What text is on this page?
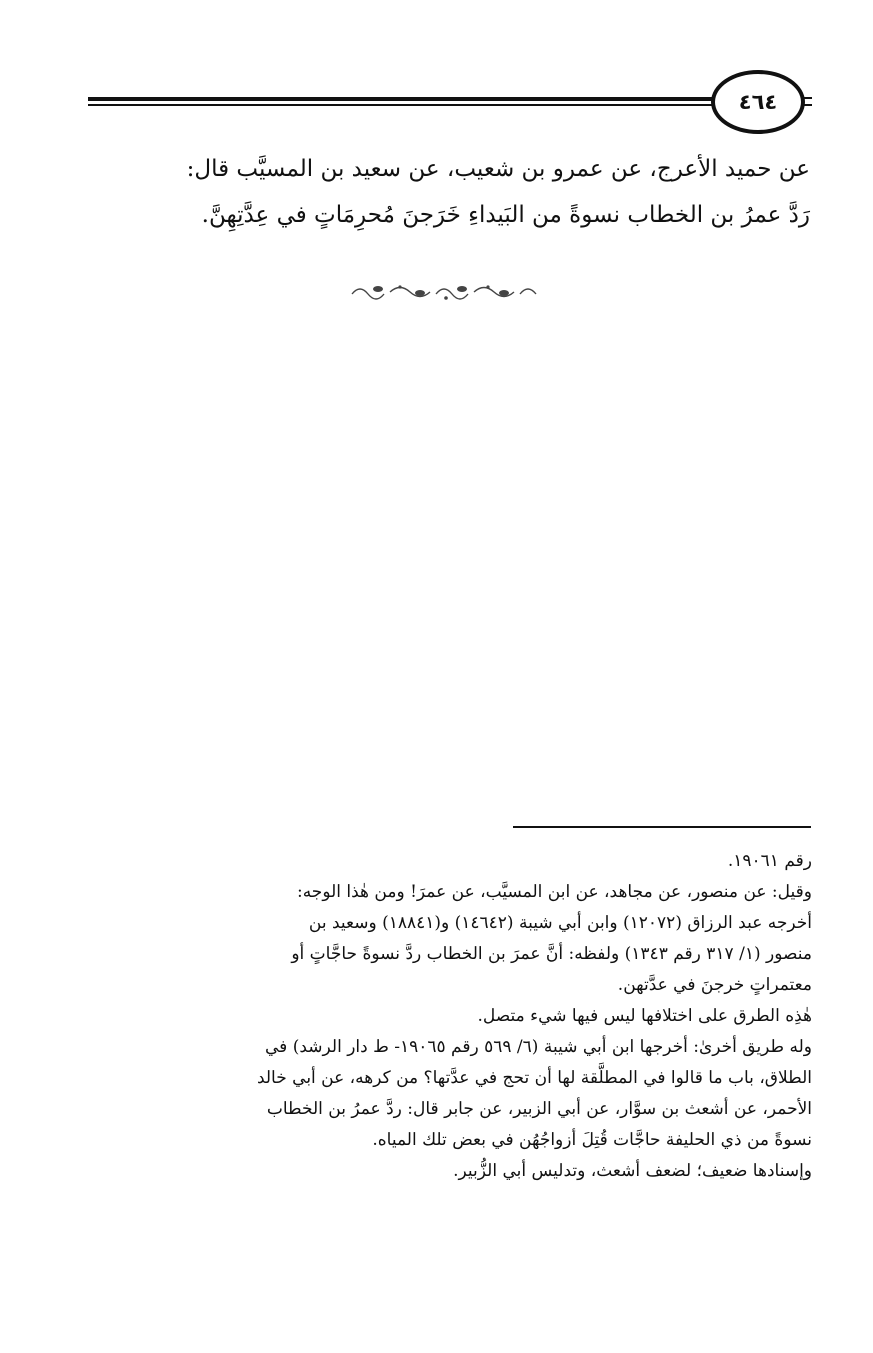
٤٦٤
عن حميد الأعرج، عن عمرو بن شعيب، عن سعيد بن المسيَّب قال:
رَدَّ عمرُ بن الخطاب نسوةً من البَيداءِ خَرَجنَ مُحرِمَاتٍ في عِدَّتِهِنَّ.
رقم ١٩٠٦١.
وقيل: عن منصور، عن مجاهد، عن ابن المسيَّب، عن عمرَ! ومن هٰذا الوجه:
أخرجه عبد الرزاق (١٢٠٧٢) وابن أبي شيبة (١٤٦٤٢) و(١٨٨٤١) وسعيد بن
منصور (١/ ٣١٧ رقم ١٣٤٣) ولفظه: أنَّ عمرَ بن الخطاب ردَّ نسوةً حاجَّاتٍ أو
معتمراتٍ خرجنَ في عدَّتهن.
هٰذِه الطرق على اختلافها ليس فيها شيء متصل.
وله طريق أخرىٰ: أخرجها ابن أبي شيبة (٦/ ٥٦٩ رقم ١٩٠٦٥- ط دار الرشد) في
الطلاق، باب ما قالوا في المطلَّقة لها أن تحج في عدَّتها؟ من كرهه، عن أبي خالد
الأحمر، عن أشعث بن سوَّار، عن أبي الزبير، عن جابر قال: ردَّ عمرُ بن الخطاب
نسوةً من ذي الحليفة حاجَّات قُتِلَ أزواجُهُن في بعض تلك المياه.
وإسنادها ضعيف؛ لضعف أشعث، وتدليس أبي الزُّبير.
